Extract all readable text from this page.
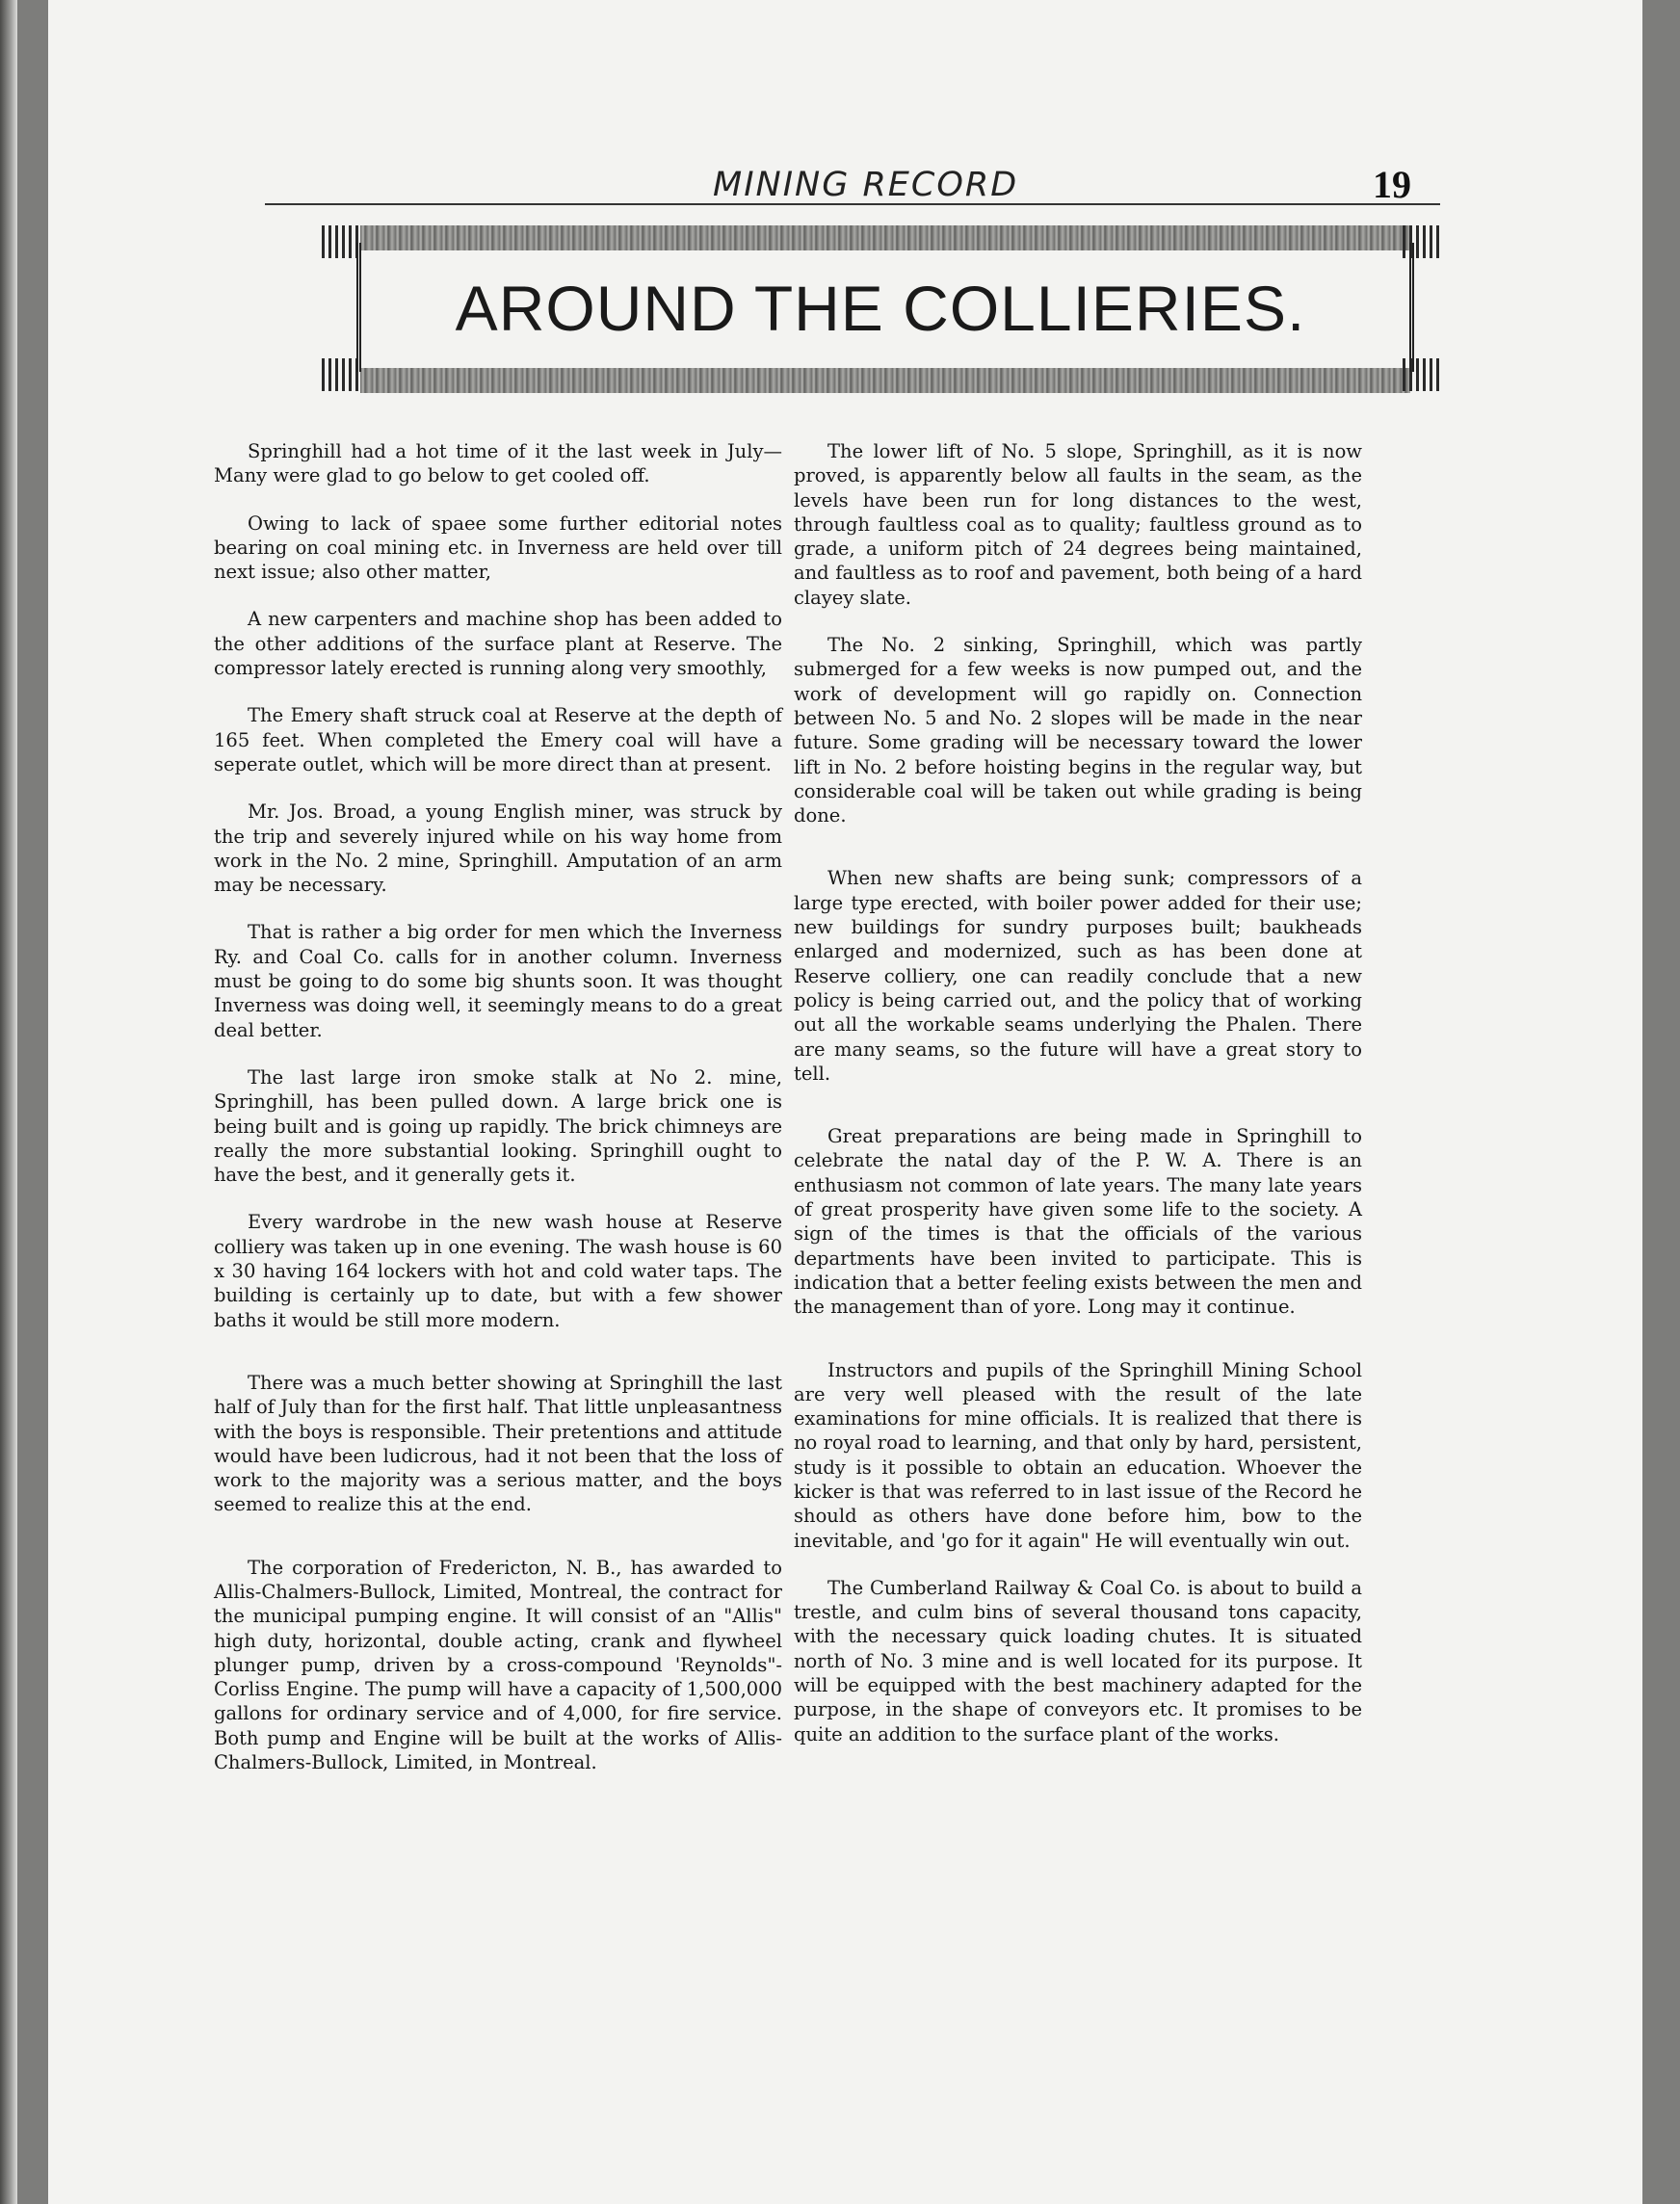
MINING RECORD	19
AROUND THE COLLIERIES.

Springhill had a hot time of it the last week in July—Many were glad to go below to get cooled off.

Owing to lack of spaee some further editorial notes bearing on coal mining etc. in Inverness are held over till next issue; also other matter,

A new carpenters and machine shop has been added to the other additions of the surface plant at Reserve. The compressor lately erected is running along very smoothly,

The Emery shaft struck coal at Reserve at the depth of 165 feet. When completed the Emery coal will have a seperate outlet, which will be more direct than at present.

Mr. Jos. Broad, a young English miner, was struck by the trip and severely injured while on his way home from work in the No. 2 mine, Springhill. Amputation of an arm may be necessary.

That is rather a big order for men which the Inverness Ry. and Coal Co. calls for in another column. Inverness must be going to do some big shunts soon. It was thought Inverness was doing well, it seemingly means to do a great deal better.

The last large iron smoke stalk at No 2. mine, Springhill, has been pulled down. A large brick one is being built and is going up rapidly. The brick chimneys are really the more substantial looking. Springhill ought to have the best, and it generally gets it.

Every wardrobe in the new wash house at Reserve colliery was taken up in one evening. The wash house is 60 x 30 having 164 lockers with hot and cold water taps. The building is certainly up to date, but with a few shower baths it would be still more modern.

There was a much better showing at Springhill the last half of July than for the first half. That little unpleasantness with the boys is responsible. Their pretentions and attitude would have been ludicrous, had it not been that the loss of work to the majority was a serious matter, and the boys seemed to realize this at the end.

The corporation of Fredericton, N. B., has awarded to Allis-Chalmers-Bullock, Limited, Montreal, the contract for the municipal pumping engine. It will consist of an "Allis" high duty, horizontal, double acting, crank and flywheel plunger pump, driven by a cross-compound 'Reynolds"-Corliss Engine. The pump will have a capacity of 1,500,000 gallons for ordinary service and of 4,000, for fire service. Both pump and Engine will be built at the works of Allis-Chalmers-Bullock, Limited, in Montreal.

The lower lift of No. 5 slope, Springhill, as it is now proved, is apparently below all faults in the seam, as the levels have been run for long distances to the west, through faultless coal as to quality; faultless ground as to grade, a uniform pitch of 24 degrees being maintained, and faultless as to roof and pavement, both being of a hard clayey slate.

The No. 2 sinking, Springhill, which was partly submerged for a few weeks is now pumped out, and the work of development will go rapidly on. Connection between No. 5 and No. 2 slopes will be made in the near future. Some grading will be necessary toward the lower lift in No. 2 before hoisting begins in the regular way, but considerable coal will be taken out while grading is being done.

When new shafts are being sunk; compressors of a large type erected, with boiler power added for their use; new buildings for sundry purposes built; baukheads enlarged and modernized, such as has been done at Reserve colliery, one can readily conclude that a new policy is being carried out, and the policy that of working out all the workable seams underlying the Phalen. There are many seams, so the future will have a great story to tell.

Great preparations are being made in Springhill to celebrate the natal day of the P. W. A. There is an enthusiasm not common of late years. The many late years of great prosperity have given some life to the society. A sign of the times is that the officials of the various departments have been invited to participate. This is indication that a better feeling exists between the men and the management than of yore. Long may it continue.

Instructors and pupils of the Springhill Mining School are very well pleased with the result of the late examinations for mine officials. It is realized that there is no royal road to learning, and that only by hard, persistent, study is it possible to obtain an education. Whoever the kicker is that was referred to in last issue of the Record he should as others have done before him, bow to the inevitable, and 'go for it again" He will eventually win out.

The Cumberland Railway & Coal Co. is about to build a trestle, and culm bins of several thousand tons capacity, with the necessary quick loading chutes. It is situated north of No. 3 mine and is well located for its purpose. It will be equipped with the best machinery adapted for the purpose, in the shape of conveyors etc. It promises to be quite an addition to the surface plant of the works.
